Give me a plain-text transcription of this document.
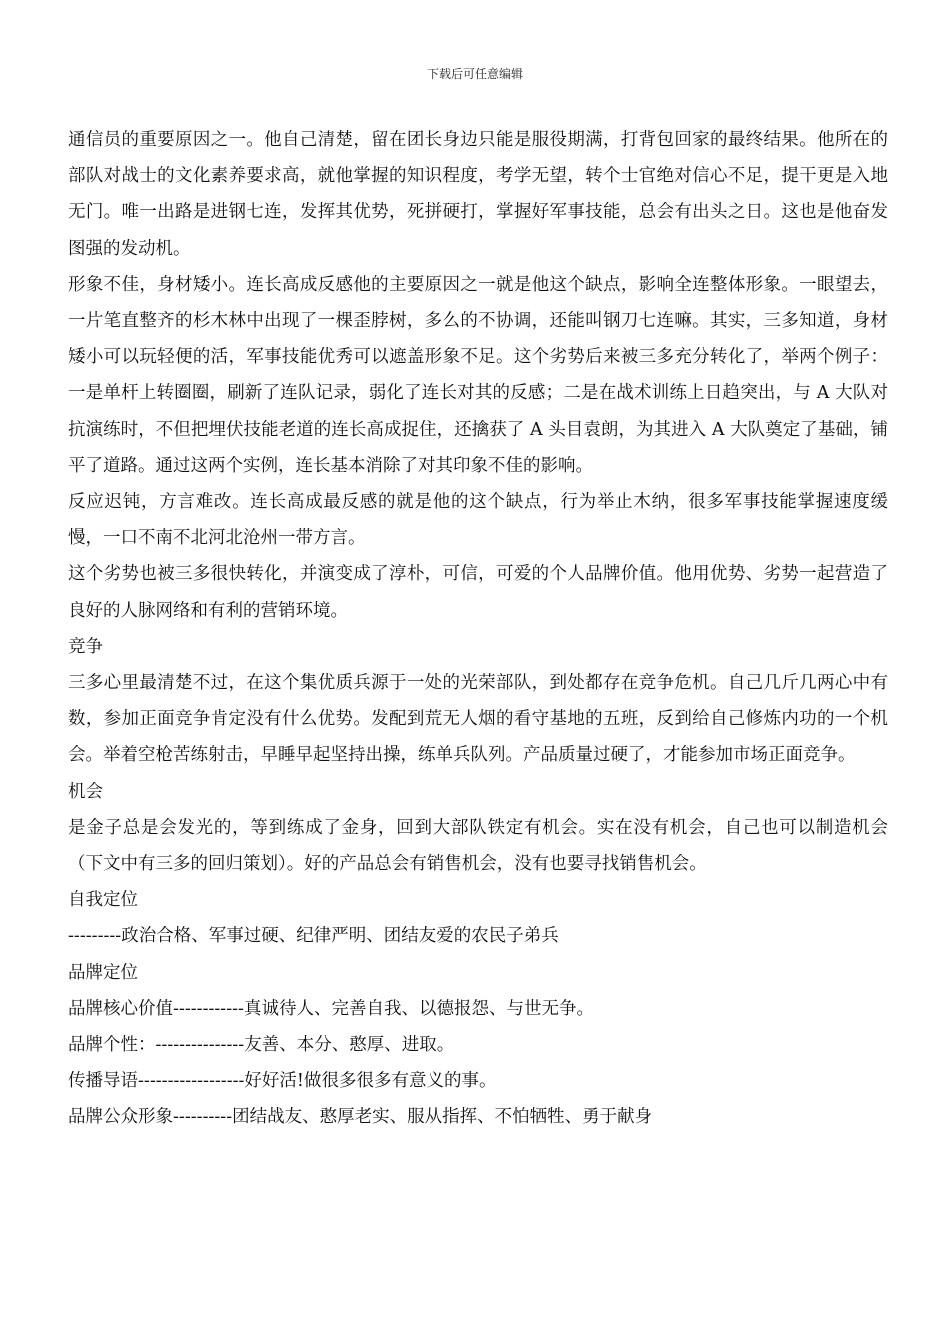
下载后可任意编辑

通信员的重要原因之一。他自己清楚，留在团长身边只能是服役期满，打背包回家的最终结果。他所在的部队对战士的文化素养要求高，就他掌握的知识程度，考学无望，转个士官绝对信心不足，提干更是入地无门。唯一出路是进钢七连，发挥其优势，死拼硬打，掌握好军事技能，总会有出头之日。这也是他奋发图强的发动机。

形象不佳，身材矮小。连长高成反感他的主要原因之一就是他这个缺点，影响全连整体形象。一眼望去，一片笔直整齐的杉木林中出现了一棵歪脖树，多么的不协调，还能叫钢刀七连嘛。其实，三多知道，身材矮小可以玩轻便的活，军事技能优秀可以遮盖形象不足。这个劣势后来被三多充分转化了，举两个例子：一是单杆上转圈圈，刷新了连队记录，弱化了连长对其的反感；二是在战术训练上日趋突出，与 A 大队对抗演练时，不但把埋伏技能老道的连长高成捉住，还擒获了 A 头目袁朗，为其进入 A 大队奠定了基础，铺平了道路。通过这两个实例，连长基本消除了对其印象不佳的影响。

反应迟钝，方言难改。连长高成最反感的就是他的这个缺点，行为举止木纳，很多军事技能掌握速度缓慢，一口不南不北河北沧州一带方言。

这个劣势也被三多很快转化，并演变成了淳朴，可信，可爱的个人品牌价值。他用优势、劣势一起营造了良好的人脉网络和有利的营销环境。

竞争

三多心里最清楚不过，在这个集优质兵源于一处的光荣部队，到处都存在竞争危机。自己几斤几两心中有数，参加正面竞争肯定没有什么优势。发配到荒无人烟的看守基地的五班，反到给自己修炼内功的一个机会。举着空枪苦练射击，早睡早起坚持出操，练单兵队列。产品质量过硬了，才能参加市场正面竞争。

机会

是金子总是会发光的，等到练成了金身，回到大部队铁定有机会。实在没有机会，自己也可以制造机会（下文中有三多的回归策划）。好的产品总会有销售机会，没有也要寻找销售机会。

自我定位

---------政治合格、军事过硬、纪律严明、团结友爱的农民子弟兵

品牌定位

品牌核心价值------------真诚待人、完善自我、以德报怨、与世无争。

品牌个性：---------------友善、本分、憨厚、进取。

传播导语------------------好好活!做很多很多有意义的事。

品牌公众形象----------团结战友、憨厚老实、服从指挥、不怕牺牲、勇于献身
